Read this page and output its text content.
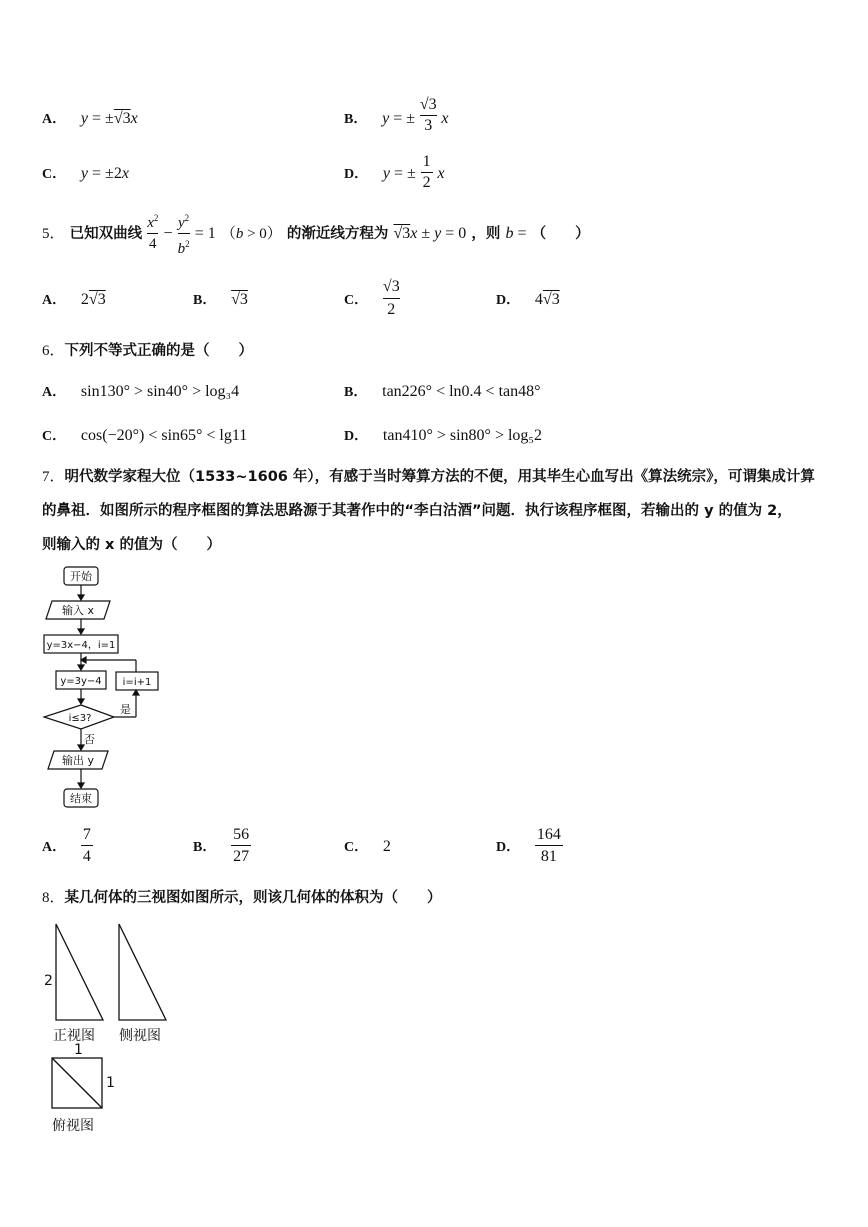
A． y = ±√3x	B． y = ± $\frac{√3}{3}$ x
C． y = ±2x	D． y = ± $\frac{1}{2}$ x
5． 已知双曲线 $\frac{x^2}{4} - \frac{y^2}{b^2} = 1$ （b > 0） 的渐近线方程为 √3x ± y = 0 ，则 b = （　　）
A． 2√3	B． √3	C． $\frac{√3}{2}$	D． 4√3
6．下列不等式正确的是（　　）
A． sin130° > sin40° > log₃4	B． tan226° < ln0.4 < tan48°
C． cos(−20°) < sin65° < lg11	D． tan410° > sin80° > log₅2
7．明代数学家程大位（1533~1606 年），有感于当时筹算方法的不便，用其毕生心血写出《算法统宗》，可谓集成计算
的鼻祖．如图所示的程序框图的算法思路源于其著作中的“李白沽酒”问题．执行该程序框图，若输出的 y 的值为 2，
则输入的 x 的值为（　　）
开始
输入 x
y=3x−4，i=1
y=3y−4 i=i+1
i≤3?
是
否
输出 y
结束
A． $\frac{7}{4}$	B． $\frac{56}{27}$	C． 2	D． $\frac{164}{81}$
8．某几何体的三视图如图所示，则该几何体的体积为（　　）
2
正视图 侧视图
1
1
俯视图
